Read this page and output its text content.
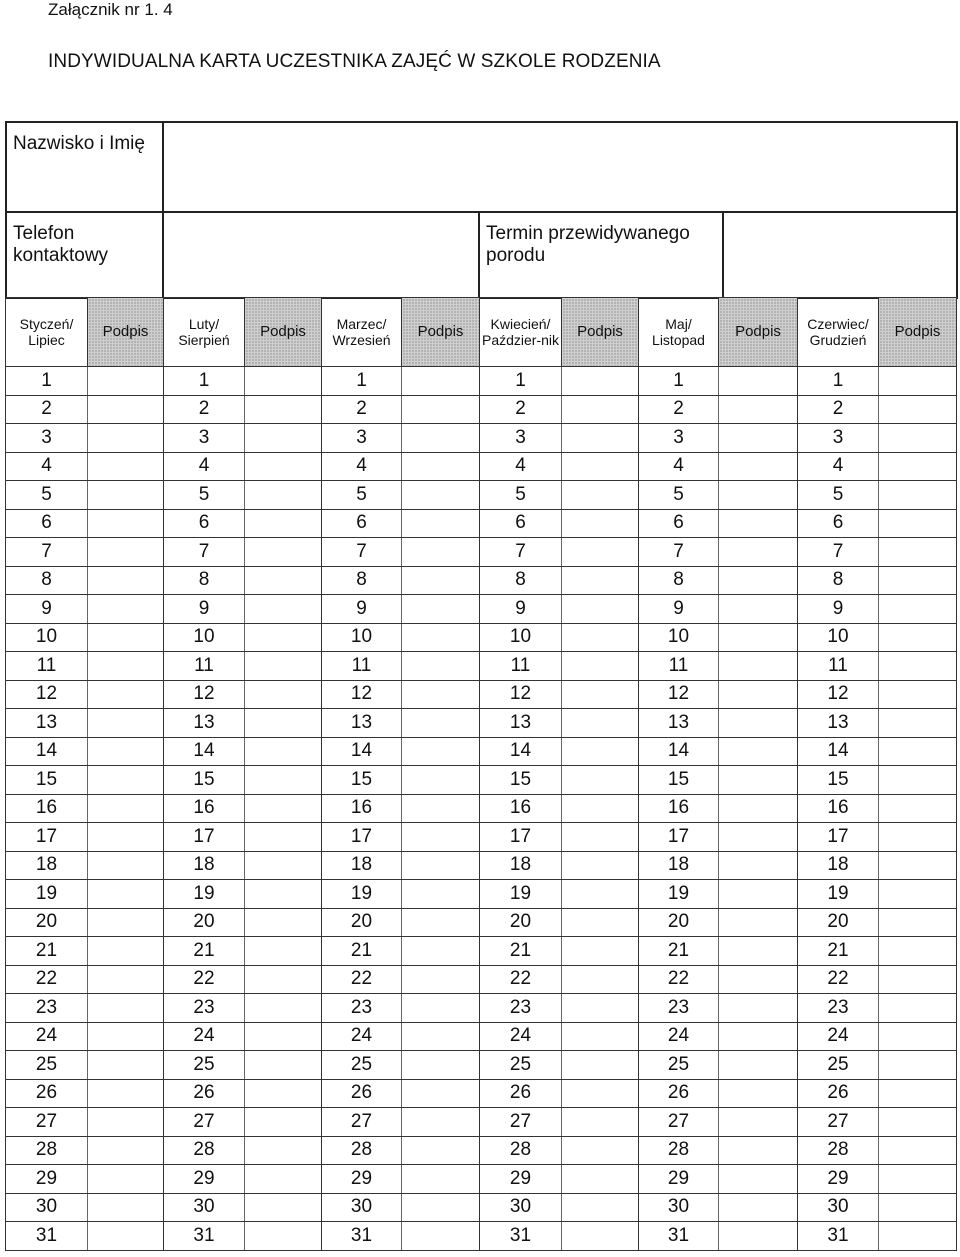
Załącznik nr 1. 4
INDYWIDUALNA KARTA UCZESTNIKA ZAJĘĆ W SZKOLE RODZENIA
Nazwisko i Imię			
Telefon kontaktowy		Termin przewidywanego porodu	
Styczeń/ Lipiec	Podpis	Luty/ Sierpień	Podpis	Marzec/ Wrzesień	Podpis	Kwiecień/ Paździer-nik	Podpis	Maj/ Listopad	Podpis	Czerwiec/ Grudzień	Podpis
1		1		1		1		1		1	
2		2		2		2		2		2	
3		3		3		3		3		3	
4		4		4		4		4		4	
5		5		5		5		5		5	
6		6		6		6		6		6	
7		7		7		7		7		7	
8		8		8		8		8		8	
9		9		9		9		9		9	
10		10		10		10		10		10	
11		11		11		11		11		11	
12		12		12		12		12		12	
13		13		13		13		13		13	
14		14		14		14		14		14	
15		15		15		15		15		15	
16		16		16		16		16		16	
17		17		17		17		17		17	
18		18		18		18		18		18	
19		19		19		19		19		19	
20		20		20		20		20		20	
21		21		21		21		21		21	
22		22		22		22		22		22	
23		23		23		23		23		23	
24		24		24		24		24		24	
25		25		25		25		25		25	
26		26		26		26		26		26	
27		27		27		27		27		27	
28		28		28		28		28		28	
29		29		29		29		29		29	
30		30		30		30		30		30	
31		31		31		31		31		31	
